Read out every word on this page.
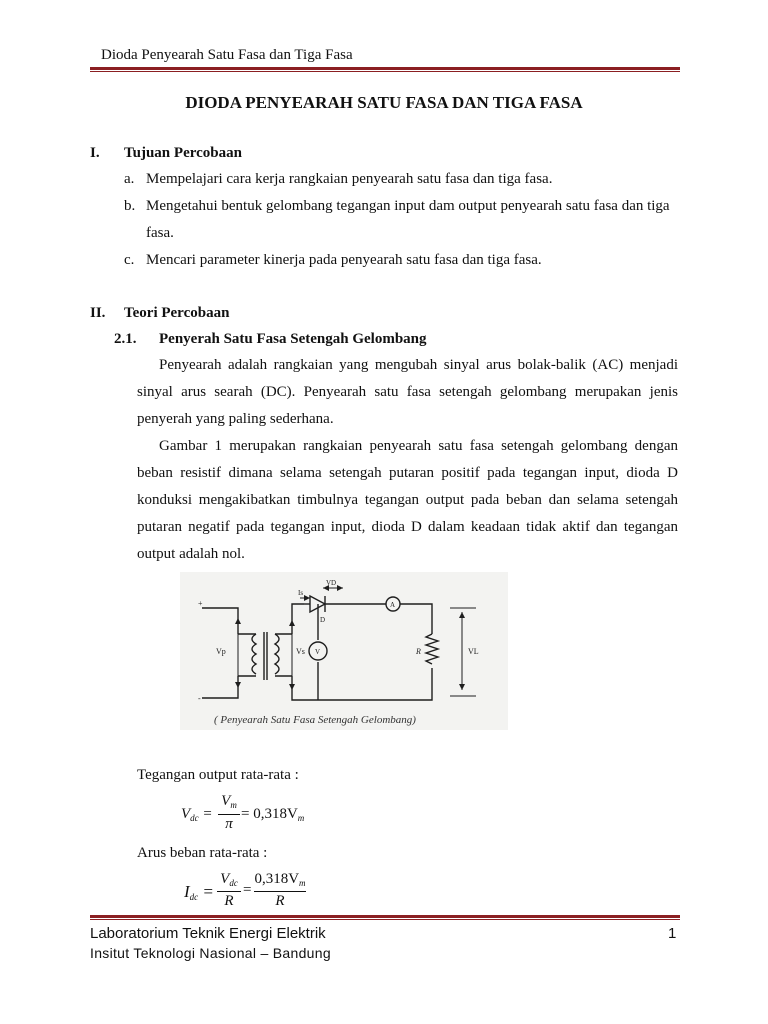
Dioda Penyearah Satu Fasa dan Tiga Fasa
DIODA PENYEARAH SATU FASA DAN TIGA FASA
I. Tujuan Percobaan
a. Mempelajari cara kerja rangkaian penyearah satu fasa dan tiga fasa.
b. Mengetahui bentuk gelombang tegangan input dam output penyearah satu fasa dan tiga
fasa.
c. Mencari parameter kinerja pada penyearah satu fasa dan tiga fasa.
II. Teori Percobaan
2.1. Penyerah Satu Fasa Setengah Gelombang
Penyearah adalah rangkaian yang mengubah sinyal arus bolak-balik (AC) menjadi sinyal arus searah (DC). Penyearah satu fasa setengah gelombang merupakan jenis penyerah yang paling sederhana.
Gambar 1 merupakan rangkaian penyearah satu fasa setengah gelombang dengan beban resistif dimana selama setengah putaran positif pada tegangan input, dioda D konduksi mengakibatkan timbulnya tegangan output pada beban dan selama setengah putaran negatif pada tegangan input, dioda D dalam keadaan tidak aktif dan tegangan output adalah nol.
VD
Is
D
A
V
Vp	Vs	R	VL
+
-
( Penyearah Satu Fasa Setengah Gelombang)
Tegangan output rata-rata :
$V_{dc}$ =
$V_m$
π
= $0,318V_m$
Arus beban rata-rata :
$I_{dc}$ =
$V_{dc}$
R
=
$0,318V_m$
R
Laboratorium Teknik Energi Elektrik
Insitut Teknologi Nasional – Bandung
1
